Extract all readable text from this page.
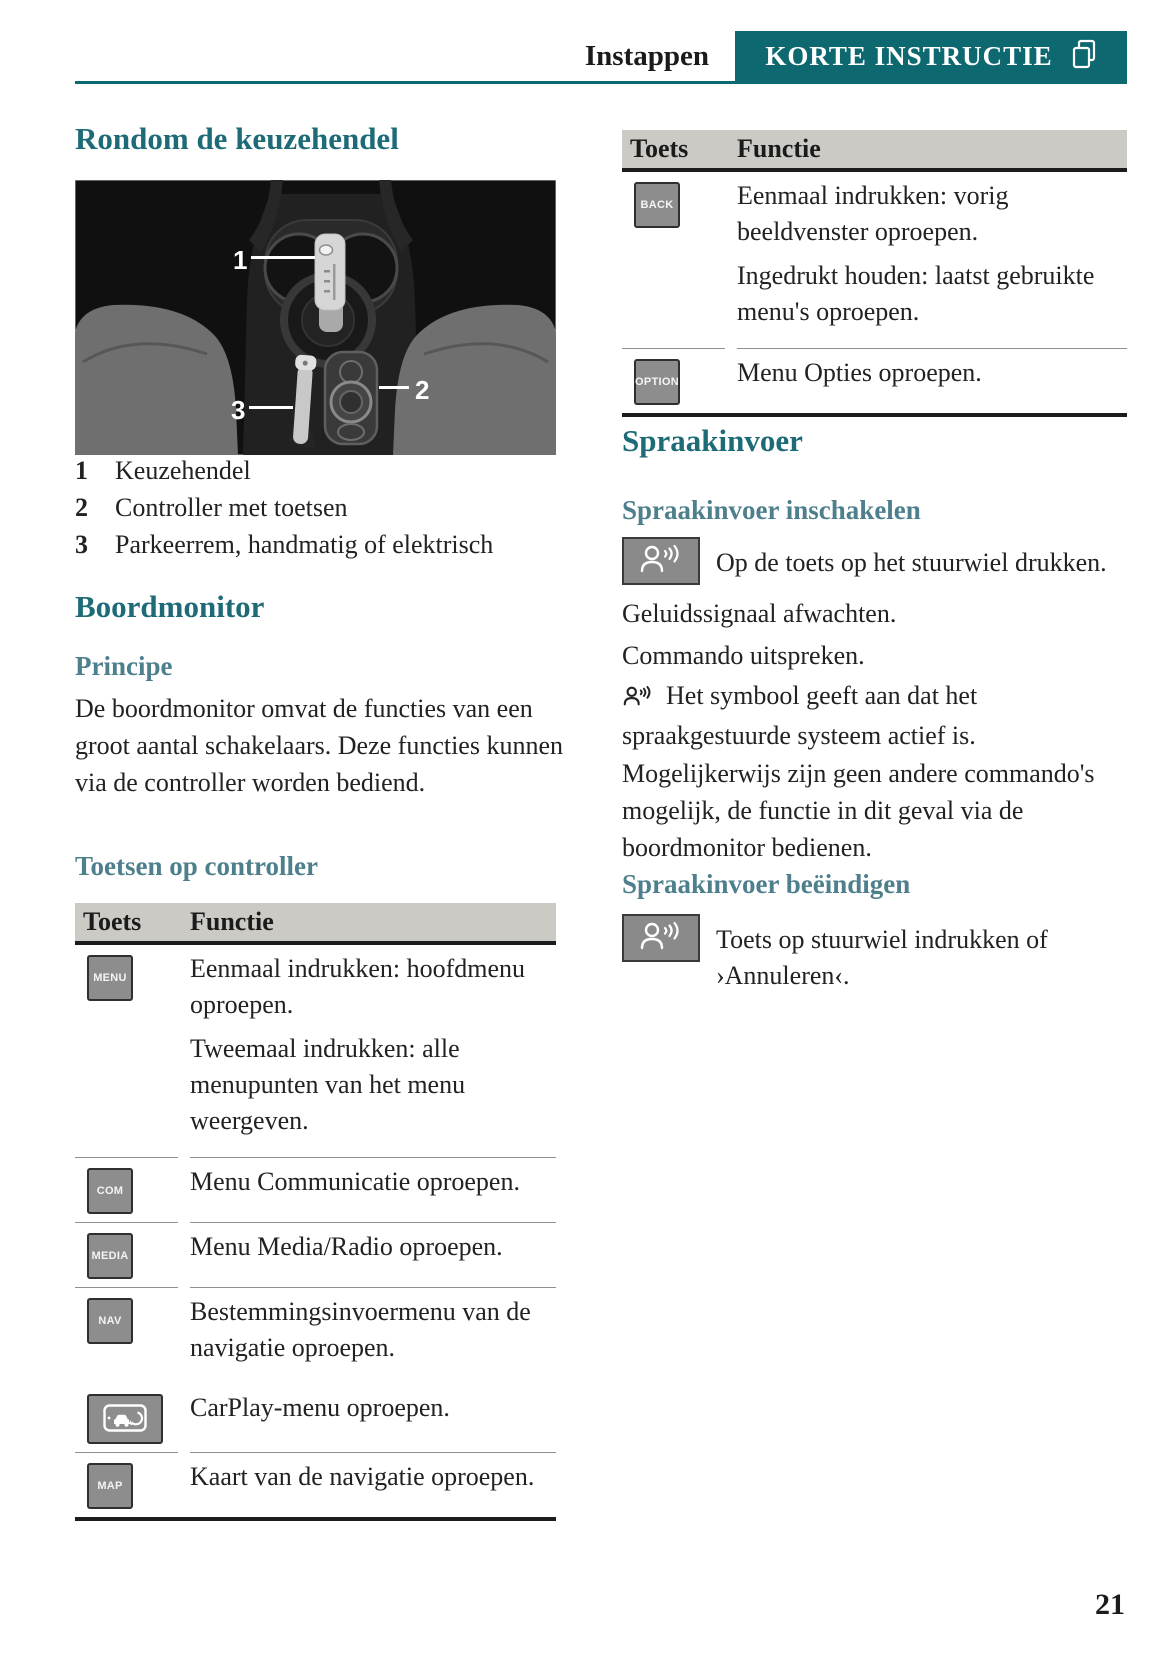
Instappen KORTE INSTRUCTIE
Rondom de keuzehendel
1
2
3
1	Keuzehendel
2	Controller met toetsen
3	Parkeerrem, handmatig of elektrisch
Boordmonitor
Principe
De boordmonitor omvat de functies van een groot aantal schakelaars. Deze functies kunnen via de controller worden bediend.
Toetsen op controller
Toets	Functie
MENU Eenmaal indrukken: hoofdmenu oproepen.

Tweemaal indrukken: alle menupunten van het menu weergeven.

COM	Menu Communicatie oproepen.

MEDIA Menu Media/Radio oproepen.

NAV	Bestemmingsinvoermenu van de navigatie oproepen.

CarPlay-menu oproepen.

MAP	Kaart van de navigatie oproepen.

Toets	Functie
BACK Eenmaal indrukken: vorig beeldvenster oproepen.

Ingedrukt houden: laatst gebruikte menu's oproepen.

OPTION Menu Opties oproepen.

Spraakinvoer
Spraakinvoer inschakelen
Op de toets op het stuurwiel drukken.
Geluidssignaal afwachten.
Commando uitspreken.
Het symbool geeft aan dat het spraakgestuurde systeem actief is.
Mogelijkerwijs zijn geen andere commando's mogelijk, de functie in dit geval via de boordmonitor bedienen.
Spraakinvoer beëindigen
Toets op stuurwiel indrukken of ›Annuleren‹.
21
